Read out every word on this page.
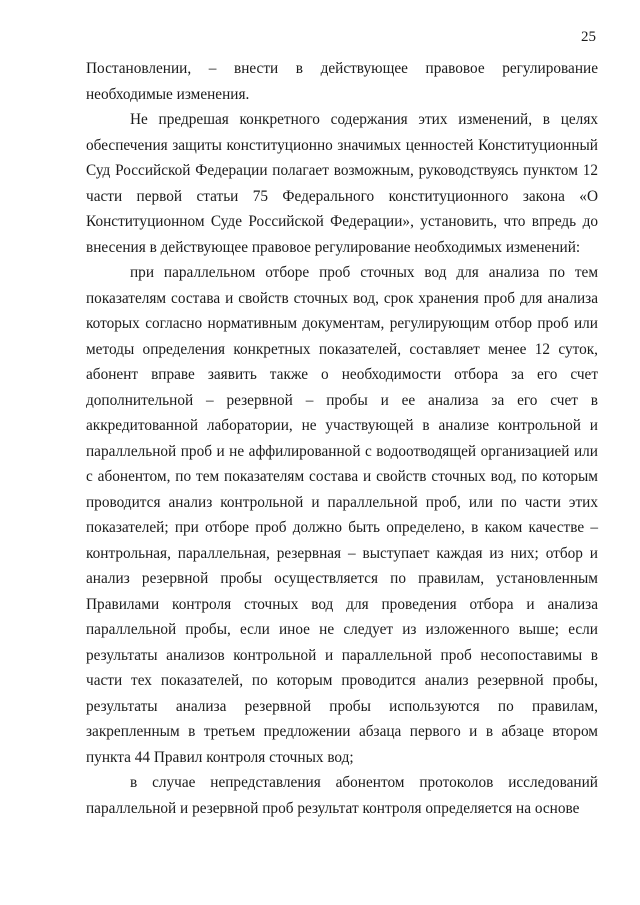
25

Постановлении, – внести в действующее правовое регулирование необходимые изменения.

Не предрешая конкретного содержания этих изменений, в целях обеспечения защиты конституционно значимых ценностей Конституционный Суд Российской Федерации полагает возможным, руководствуясь пунктом 12 части первой статьи 75 Федерального конституционного закона «О Конституционном Суде Российской Федерации», установить, что впредь до внесения в действующее правовое регулирование необходимых изменений:

при параллельном отборе проб сточных вод для анализа по тем показателям состава и свойств сточных вод, срок хранения проб для анализа которых согласно нормативным документам, регулирующим отбор проб или методы определения конкретных показателей, составляет менее 12 суток, абонент вправе заявить также о необходимости отбора за его счет дополнительной – резервной – пробы и ее анализа за его счет в аккредитованной лаборатории, не участвующей в анализе контрольной и параллельной проб и не аффилированной с водоотводящей организацией или с абонентом, по тем показателям состава и свойств сточных вод, по которым проводится анализ контрольной и параллельной проб, или по части этих показателей; при отборе проб должно быть определено, в каком качестве – контрольная, параллельная, резервная – выступает каждая из них; отбор и анализ резервной пробы осуществляется по правилам, установленным Правилами контроля сточных вод для проведения отбора и анализа параллельной пробы, если иное не следует из изложенного выше; если результаты анализов контрольной и параллельной проб несопоставимы в части тех показателей, по которым проводится анализ резервной пробы, результаты анализа резервной пробы используются по правилам, закрепленным в третьем предложении абзаца первого и в абзаце втором пункта 44 Правил контроля сточных вод;

в случае непредставления абонентом протоколов исследований параллельной и резервной проб результат контроля определяется на основе
